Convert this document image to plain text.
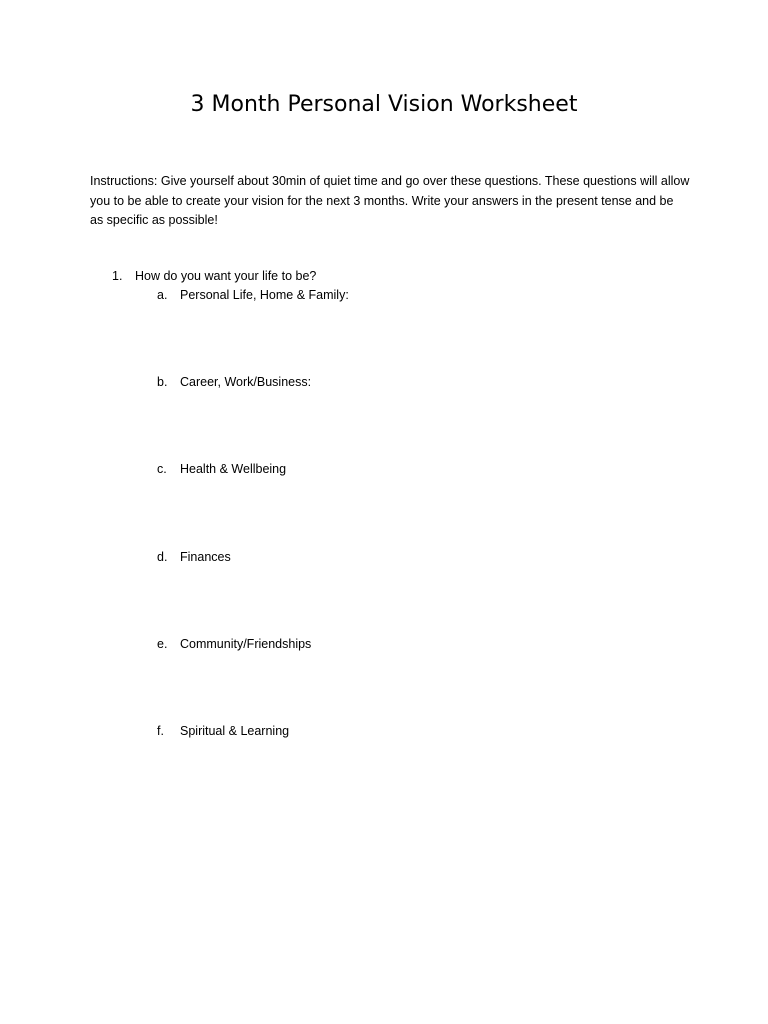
3 Month Personal Vision Worksheet

Instructions: Give yourself about 30min of quiet time and go over these questions. These questions will allow you to be able to create your vision for the next 3 months. Write your answers in the present tense and be as specific as possible!

1. How do you want your life to be?
a. Personal Life, Home & Family:
b. Career, Work/Business:
c. Health & Wellbeing
d. Finances
e. Community/Friendships
f. Spiritual & Learning
